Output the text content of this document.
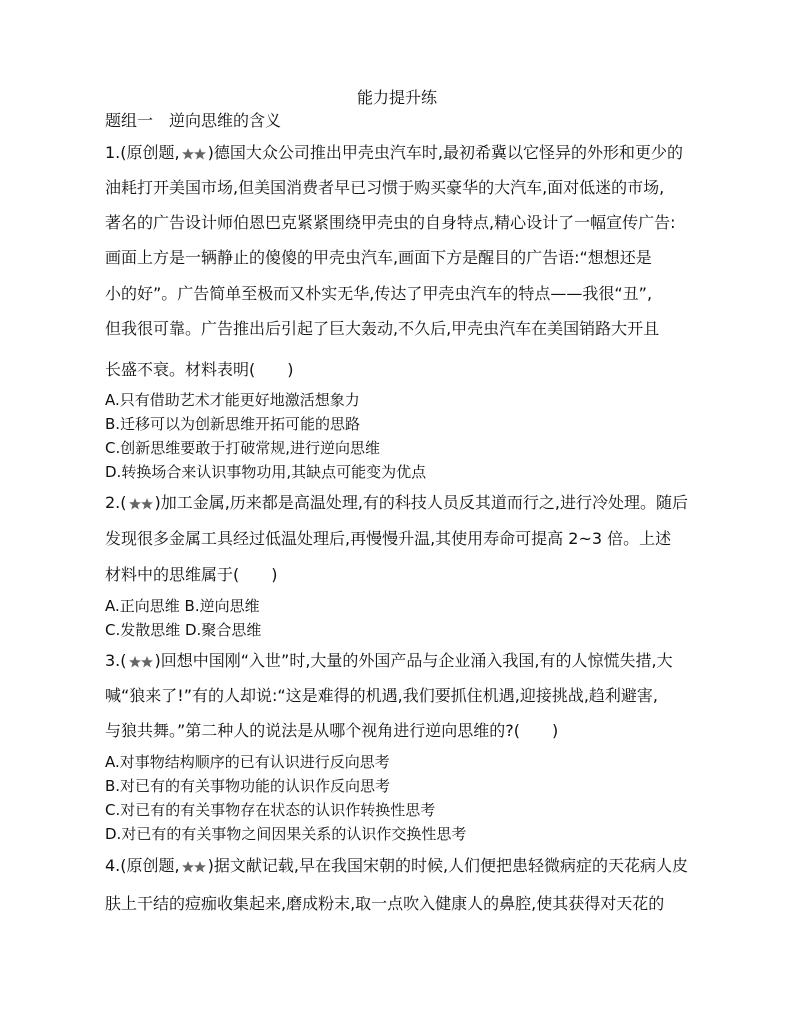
能力提升练
题组一　逆向思维的含义
1.(原创题, )德国大众公司推出甲壳虫汽车时,最初希冀以它怪异的外形和更少的
油耗打开美国市场,但美国消费者早已习惯于购买豪华的大汽车,面对低迷的市场,
著名的广告设计师伯恩巴克紧紧围绕甲壳虫的自身特点,精心设计了一幅宣传广告:
画面上方是一辆静止的傻傻的甲壳虫汽车,画面下方是醒目的广告语:“想想还是
小的好”。广告简单至极而又朴实无华,传达了甲壳虫汽车的特点——我很“丑”,
但我很可靠。广告推出后引起了巨大轰动,不久后,甲壳虫汽车在美国销路大开且
长盛不衰。材料表明(　　)
A.只有借助艺术才能更好地激活想象力
B.迁移可以为创新思维开拓可能的思路
C.创新思维要敢于打破常规,进行逆向思维
D.转换场合来认识事物功用,其缺点可能变为优点
2.( )加工金属,历来都是高温处理,有的科技人员反其道而行之,进行冷处理。随后
发现很多金属工具经过低温处理后,再慢慢升温,其使用寿命可提高 2~3 倍。上述
材料中的思维属于(　　)
A.正向思维 B.逆向思维
C.发散思维 D.聚合思维
3.( )回想中国刚“入世”时,大量的外国产品与企业涌入我国,有的人惊慌失措,大
喊“狼来了!”有的人却说:“这是难得的机遇,我们要抓住机遇,迎接挑战,趋利避害,
与狼共舞。”第二种人的说法是从哪个视角进行逆向思维的?(　　)
A.对事物结构顺序的已有认识进行反向思考
B.对已有的有关事物功能的认识作反向思考
C.对已有的有关事物存在状态的认识作转换性思考
D.对已有的有关事物之间因果关系的认识作交换性思考
4.(原创题, )据文献记载,早在我国宋朝的时候,人们便把患轻微病症的天花病人皮
肤上干结的痘痂收集起来,磨成粉末,取一点吹入健康人的鼻腔,使其获得对天花的
